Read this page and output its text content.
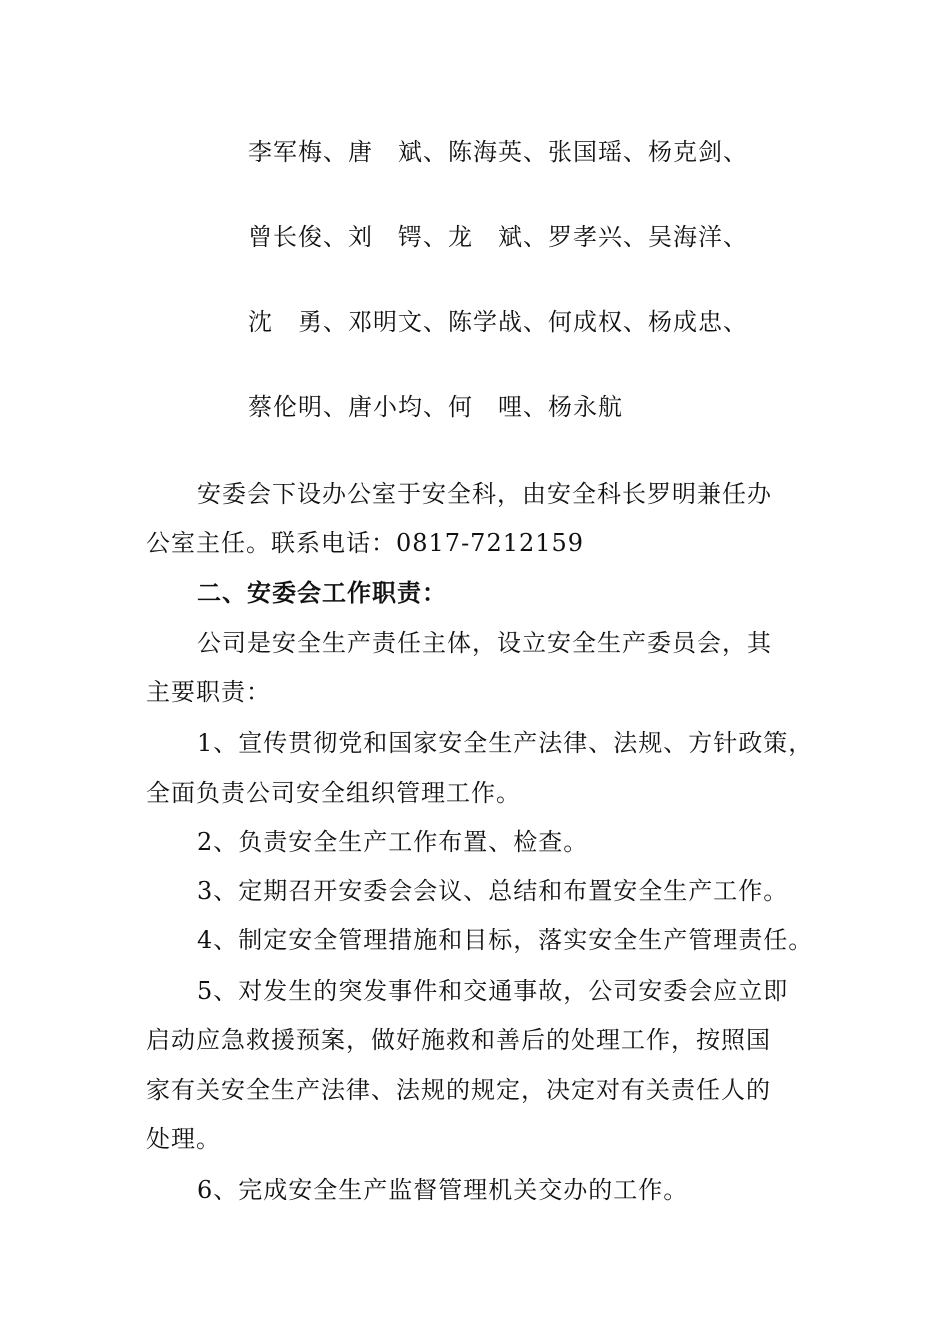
李军梅、唐　斌、陈海英、张国瑶、杨克剑、
曾长俊、刘　锷、龙　斌、罗孝兴、吴海洋、
沈　勇、邓明文、陈学战、何成权、杨成忠、
蔡伦明、唐小均、何　哩、杨永航
安委会下设办公室于安全科，由安全科长罗明兼任办
公室主任。联系电话：0817-7212159
二、安委会工作职责：
公司是安全生产责任主体，设立安全生产委员会，其
主要职责：
1、宣传贯彻党和国家安全生产法律、法规、方针政策，
全面负责公司安全组织管理工作。
2、负责安全生产工作布置、检查。
3、定期召开安委会会议、总结和布置安全生产工作。
4、制定安全管理措施和目标，落实安全生产管理责任。
5、对发生的突发事件和交通事故，公司安委会应立即
启动应急救援预案，做好施救和善后的处理工作，按照国
家有关安全生产法律、法规的规定，决定对有关责任人的
处理。
6、完成安全生产监督管理机关交办的工作。
